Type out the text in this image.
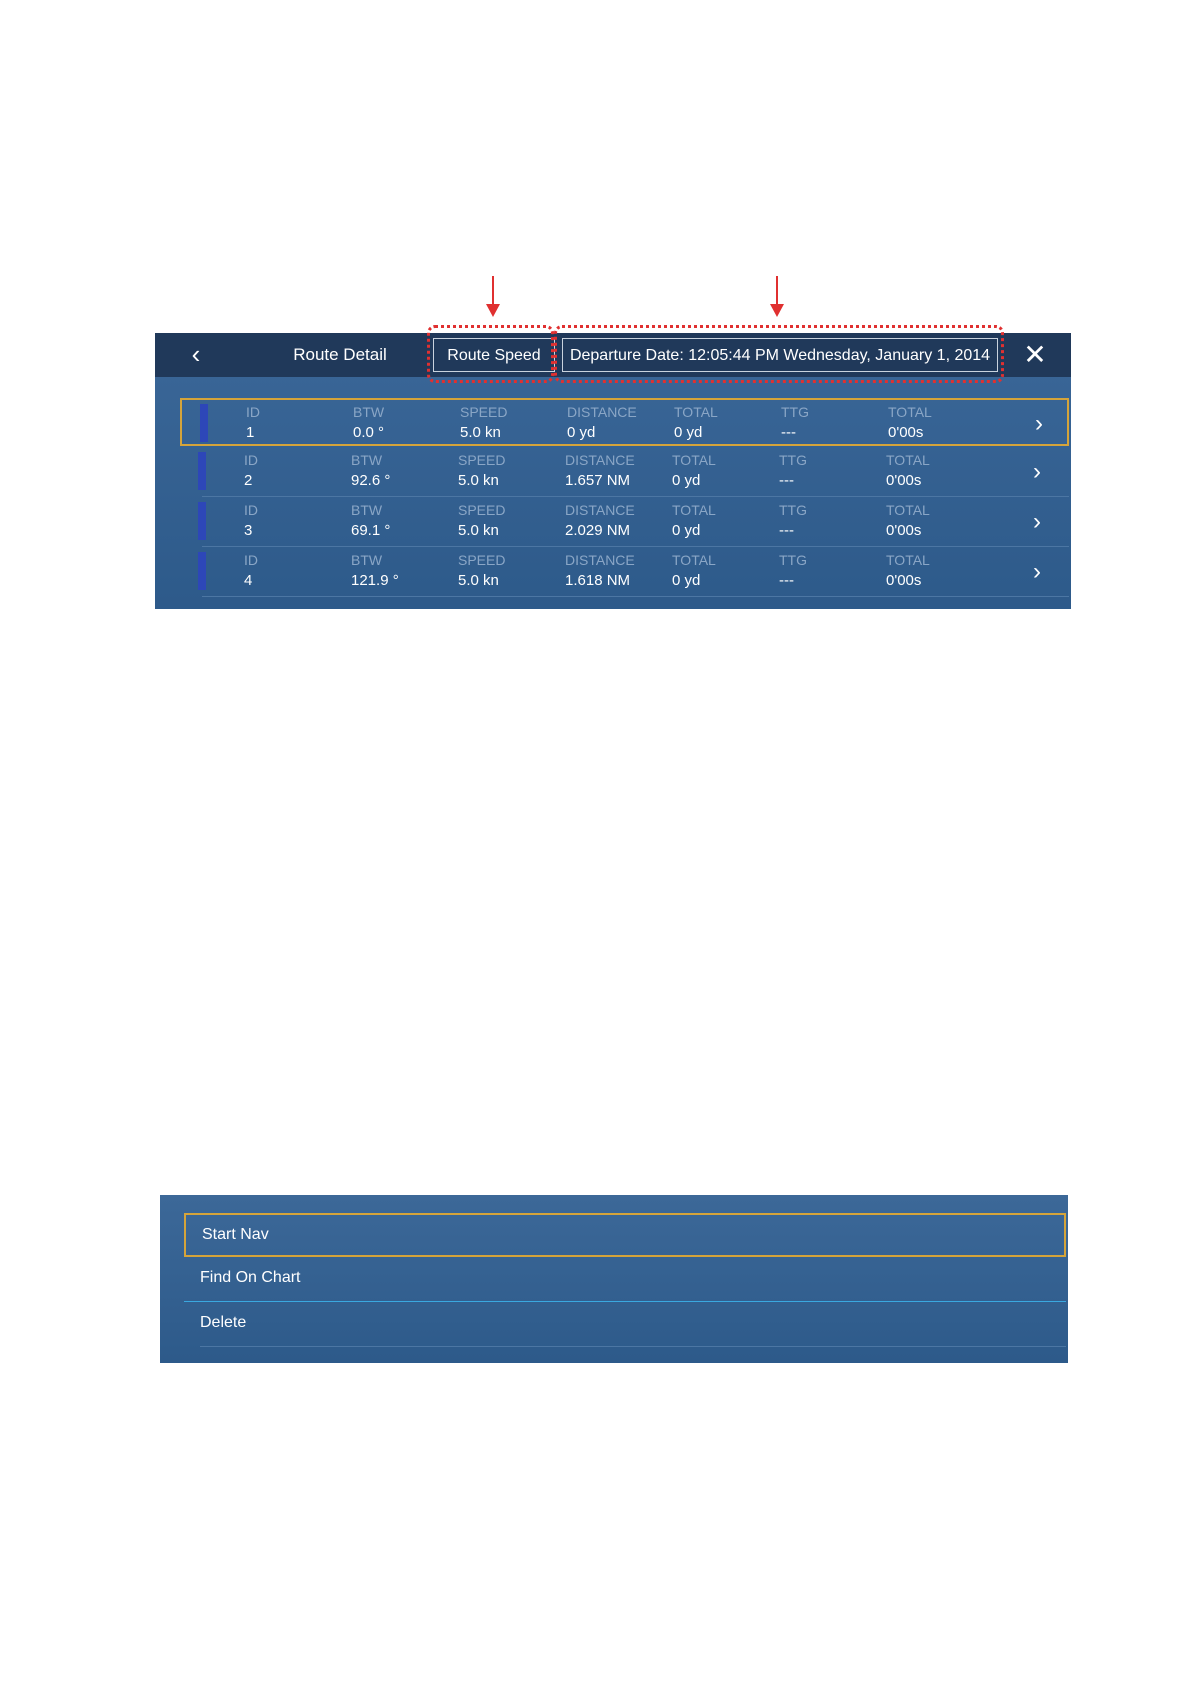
‹	Route Detail	Route Speed	Departure Date: 12:05:44 PM Wednesday, January 1, 2014 ✕
ID
1
BTW
0.0 °
SPEED
5.0 kn
DISTANCE
0 yd
TOTAL
0 yd
TTG
---
TOTAL
0'00s	›
ID
2
BTW
92.6 °
SPEED
5.0 kn
DISTANCE
1.657 NM
TOTAL
0 yd
TTG
---
TOTAL
0'00s	›
ID
3
BTW
69.1 °
SPEED
5.0 kn
DISTANCE
2.029 NM
TOTAL
0 yd
TTG
---
TOTAL
0'00s	›
ID
4
BTW
121.9 °
SPEED
5.0 kn
DISTANCE
1.618 NM
TOTAL
0 yd
TTG
---
TOTAL
0'00s	›
Start Nav
Find On Chart
Delete
